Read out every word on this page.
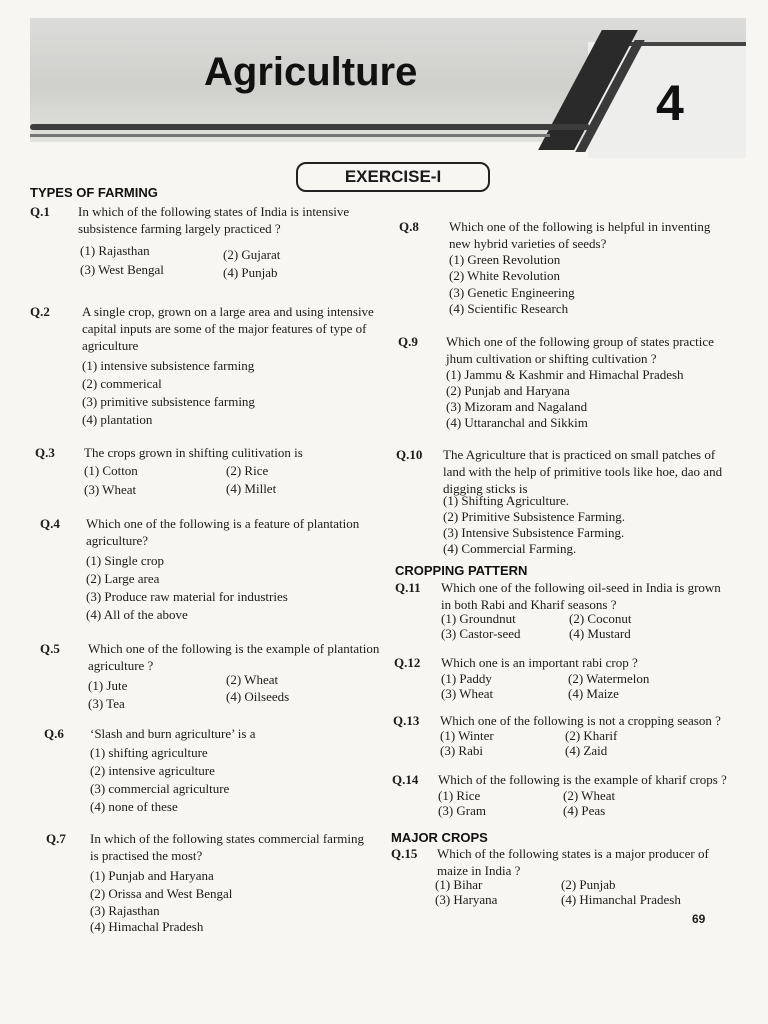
Agriculture
4
EXERCISE-I
TYPES OF FARMING
Q.1 In which of the following states of India is intensive subsistence farming largely practiced ?
(1) Rajasthan	(2) Gujarat
(3) West Bengal	(4) Punjab
Q.2 A single crop, grown on a large area and using intensive capital inputs are some of the major features of type of agriculture
(1) intensive subsistence farming
(2) commerical
(3) primitive subsistence farming
(4) plantation
Q.3 The crops grown in shifting culitivation is
(1) Cotton	(2) Rice
(3) Wheat	(4) Millet
Q.4 Which one of the following is a feature of plantation agriculture?
(1) Single crop
(2) Large area
(3) Produce raw material for industries
(4) All of the above
Q.5 Which one of the following is the example of plantation agriculture ?
(1) Jute	(2) Wheat
(3) Tea	(4) Oilseeds
Q.6 ‘Slash and burn agriculture’ is a
(1) shifting agriculture
(2) intensive agriculture
(3) commercial agriculture
(4) none of these
Q.7 In which of the following states commercial farming is practised the most?
(1) Punjab and Haryana
(2) Orissa and West Bengal
(3) Rajasthan
(4) Himachal Pradesh
Q.8 Which one of the following is helpful in inventing new hybrid varieties of seeds?
(1) Green Revolution
(2) White Revolution
(3) Genetic Engineering
(4) Scientific Research
Q.9 Which one of the following group of states practice jhum cultivation or shifting cultivation ?
(1) Jammu & Kashmir and Himachal Pradesh
(2) Punjab and Haryana
(3) Mizoram and Nagaland
(4) Uttaranchal and Sikkim
Q.10 The Agriculture that is practiced on small patches of land with the help of primitive tools like hoe, dao and digging sticks is
(1) Shifting Agriculture.
(2) Primitive Subsistence Farming.
(3) Intensive Subsistence Farming.
(4) Commercial Farming.
CROPPING PATTERN
Q.11 Which one of the following oil-seed in India is grown in both Rabi and Kharif seasons ?
(1) Groundnut	(2) Coconut
(3) Castor-seed	(4) Mustard
Q.12 Which one is an important rabi crop ?
(1) Paddy	(2) Watermelon
(3) Wheat	(4) Maize
Q.13 Which one of the following is not a cropping season ?
(1) Winter	(2) Kharif
(3) Rabi	(4) Zaid
Q.14 Which of the following is the example of kharif crops ?
(1) Rice	(2) Wheat
(3) Gram	(4) Peas
MAJOR CROPS
Q.15 Which of the following states is a major producer of maize in India ?
(1) Bihar	(2) Punjab
(3) Haryana	(4) Himanchal Pradesh
69
